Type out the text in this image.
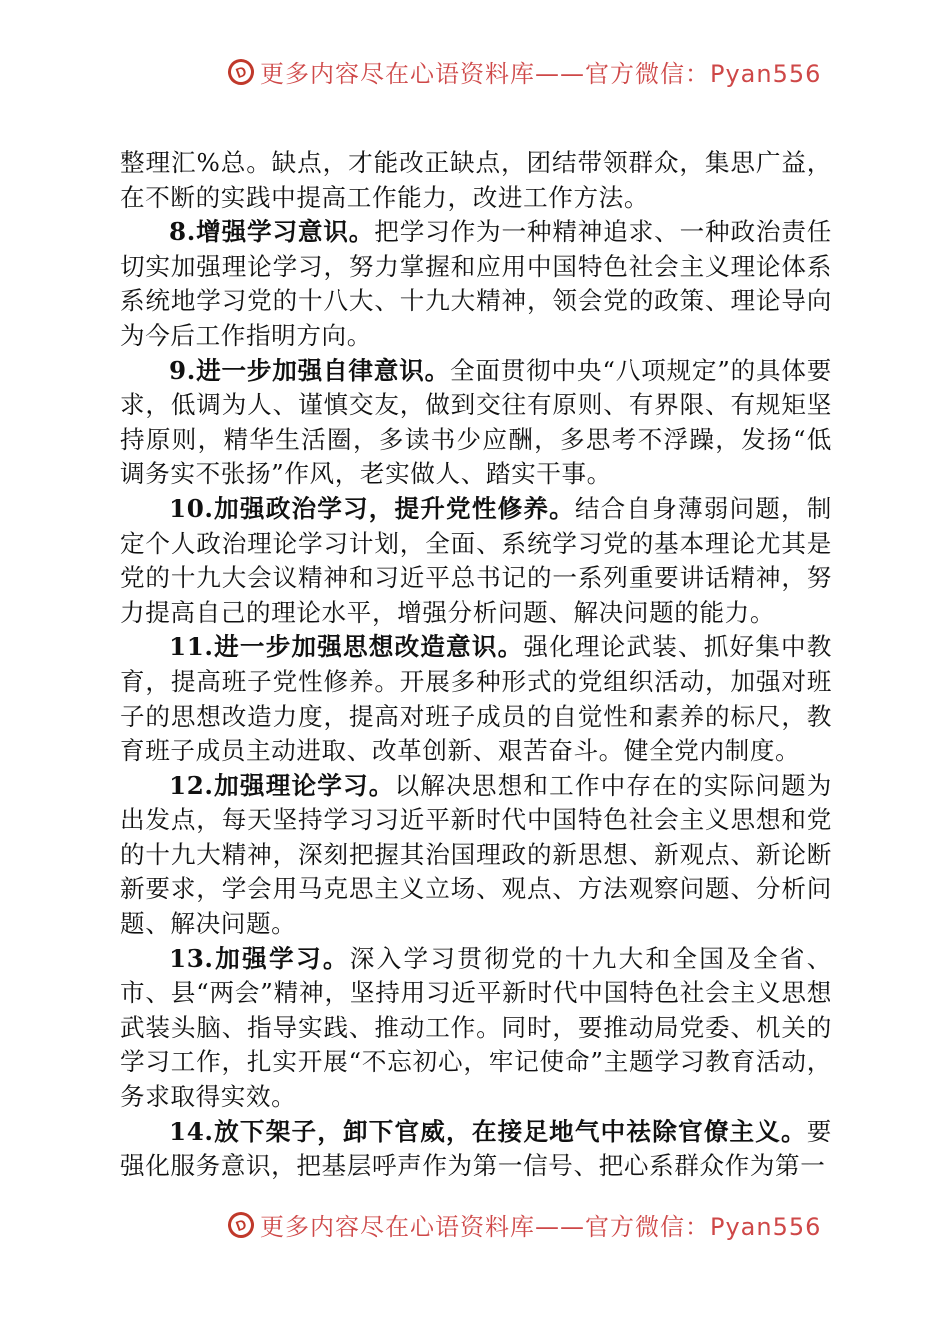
D 更多内容尽在心语资料库——官方微信：Pyan556

整理汇%总。缺点，才能改正缺点，团结带领群众，集思广益，在不断的实践中提高工作能力，改进工作方法。

8.增强学习意识。把学习作为一种精神追求、一种政治责任切实加强理论学习，努力掌握和应用中国特色社会主义理论体系系统地学习党的十八大、十九大精神，领会党的政策、理论导向为今后工作指明方向。

9.进一步加强自律意识。全面贯彻中央“八项规定”的具体要求，低调为人、谨慎交友，做到交往有原则、有界限、有规矩坚持原则，精华生活圈，多读书少应酬，多思考不浮躁，发扬“低调务实不张扬”作风，老实做人、踏实干事。

10.加强政治学习，提升党性修养。结合自身薄弱问题，制定个人政治理论学习计划，全面、系统学习党的基本理论尤其是党的十九大会议精神和习近平总书记的一系列重要讲话精神，努力提高自己的理论水平，增强分析问题、解决问题的能力。

11.进一步加强思想改造意识。强化理论武装、抓好集中教育，提高班子党性修养。开展多种形式的党组织活动，加强对班子的思想改造力度，提高对班子成员的自觉性和素养的标尺，教育班子成员主动进取、改革创新、艰苦奋斗。健全党内制度。

12.加强理论学习。以解决思想和工作中存在的实际问题为出发点，每天坚持学习习近平新时代中国特色社会主义思想和党的十九大精神，深刻把握其治国理政的新思想、新观点、新论断新要求，学会用马克思主义立场、观点、方法观察问题、分析问题、解决问题。

13.加强学习。深入学习贯彻党的十九大和全国及全省、市、县“两会”精神，坚持用习近平新时代中国特色社会主义思想武装头脑、指导实践、推动工作。同时，要推动局党委、机关的学习工作，扎实开展“不忘初心，牢记使命”主题学习教育活动，务求取得实效。

14.放下架子，卸下官威，在接足地气中祛除官僚主义。要强化服务意识，把基层呼声作为第一信号、把心系群众作为第一

D 更多内容尽在心语资料库——官方微信：Pyan556
